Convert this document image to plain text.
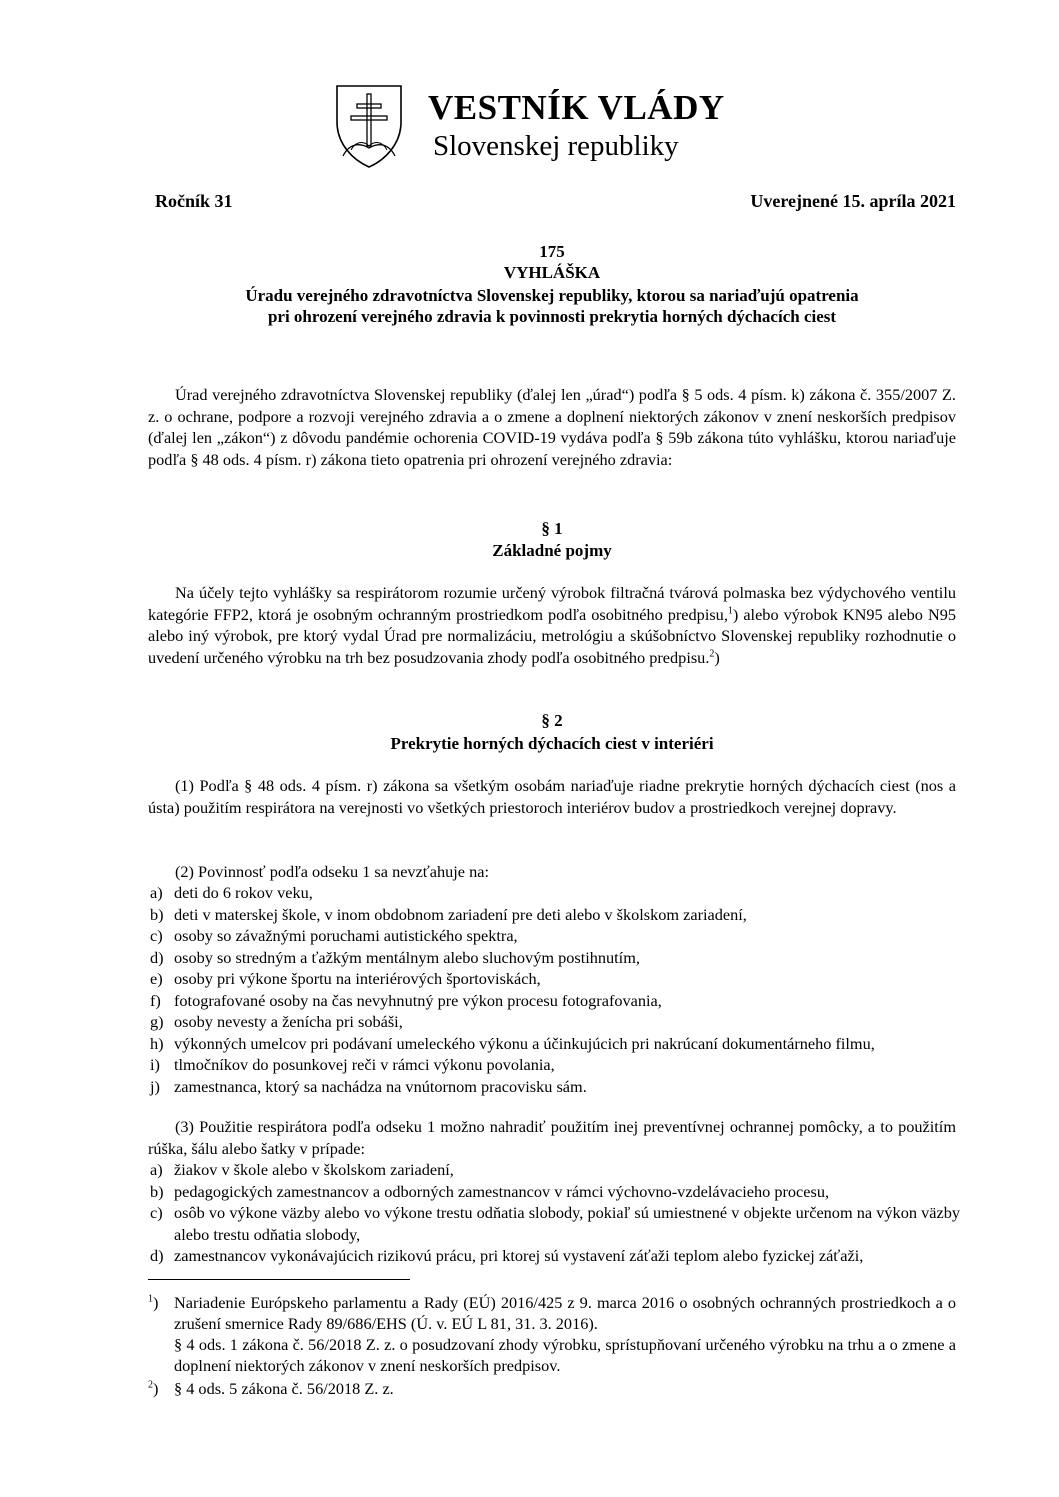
VESTNÍK VLÁDY
Slovenskej republiky
Ročník 31	Uverejnené 15. apríla 2021
175
VYHLÁŠKA
Úradu verejného zdravotníctva Slovenskej republiky, ktorou sa nariaďujú opatrenia
pri ohrození verejného zdravia k povinnosti prekrytia horných dýchacích ciest
Úrad verejného zdravotníctva Slovenskej republiky (ďalej len „úrad“) podľa § 5 ods. 4 písm. k) zákona č. 355/2007 Z. z. o ochrane, podpore a rozvoji verejného zdravia a o zmene a doplnení niektorých zákonov v znení neskorších predpisov (ďalej len „zákon“) z dôvodu pandémie ochorenia COVID-19 vydáva podľa § 59b zákona túto vyhlášku, ktorou nariaďuje podľa § 48 ods. 4 písm. r) zákona tieto opatrenia pri ohrození verejného zdravia:
§ 1
Základné pojmy
Na účely tejto vyhlášky sa respirátorom rozumie určený výrobok filtračná tvárová polmaska bez výdychového ventilu kategórie FFP2, ktorá je osobným ochranným prostriedkom podľa osobitného predpisu,$^1$) alebo výrobok KN95 alebo N95 alebo iný výrobok, pre ktorý vydal Úrad pre normalizáciu, metrológiu a skúšobníctvo Slovenskej republiky rozhodnutie o uvedení určeného výrobku na trh bez posudzovania zhody podľa osobitného predpisu.$^2$)
§ 2
Prekrytie horných dýchacích ciest v interiéri
(1) Podľa § 48 ods. 4 písm. r) zákona sa všetkým osobám nariaďuje riadne prekrytie horných dýchacích ciest (nos a ústa) použitím respirátora na verejnosti vo všetkých priestoroch interiérov budov a prostriedkoch verejnej dopravy.
(2) Povinnosť podľa odseku 1 sa nevzťahuje na:
a) deti do 6 rokov veku,
b) deti v materskej škole, v inom obdobnom zariadení pre deti alebo v školskom zariadení,
c) osoby so závažnými poruchami autistického spektra,
d) osoby so stredným a ťažkým mentálnym alebo sluchovým postihnutím,
e) osoby pri výkone športu na interiérových športoviskách,
f) fotografované osoby na čas nevyhnutný pre výkon procesu fotografovania,
g) osoby nevesty a ženícha pri sobáši,
h) výkonných umelcov pri podávaní umeleckého výkonu a účinkujúcich pri nakrúcaní dokumentárneho filmu,
i) tlmočníkov do posunkovej reči v rámci výkonu povolania,
j) zamestnanca, ktorý sa nachádza na vnútornom pracovisku sám.
(3) Použitie respirátora podľa odseku 1 možno nahradiť použitím inej preventívnej ochrannej pomôcky, a to použitím rúška, šálu alebo šatky v prípade:
a) žiakov v škole alebo v školskom zariadení,
b) pedagogických zamestnancov a odborných zamestnancov v rámci výchovno-vzdelávacieho procesu,
c) osôb vo výkone väzby alebo vo výkone trestu odňatia slobody, pokiaľ sú umiestnené v objekte určenom na výkon väzby alebo trestu odňatia slobody,
d) zamestnancov vykonávajúcich rizikovú prácu, pri ktorej sú vystavení záťaži teplom alebo fyzickej záťaži,
$^1$) Nariadenie Európskeho parlamentu a Rady (EÚ) 2016/425 z 9. marca 2016 o osobných ochranných prostriedkoch a o zrušení smernice Rady 89/686/EHS (Ú. v. EÚ L 81, 31. 3. 2016).
§ 4 ods. 1 zákona č. 56/2018 Z. z. o posudzovaní zhody výrobku, sprístupňovaní určeného výrobku na trhu a o zmene a doplnení niektorých zákonov v znení neskorších predpisov.
$^2$) § 4 ods. 5 zákona č. 56/2018 Z. z.
